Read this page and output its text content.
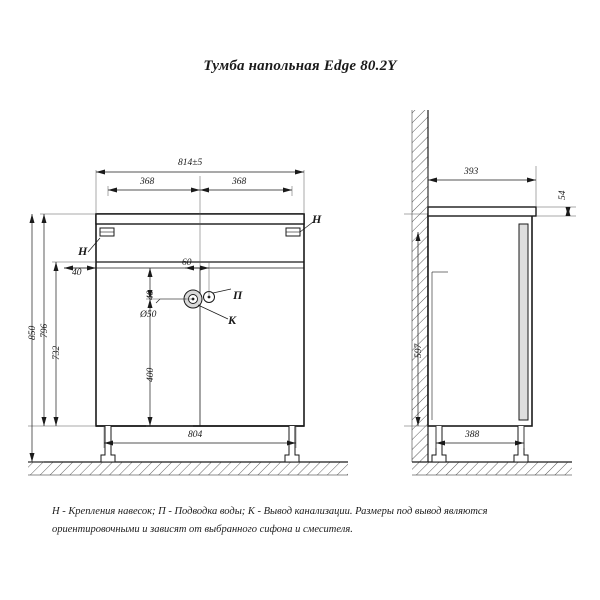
Тумба напольная Edge 80.2Y
Н - Крепления навесок; П - Подводка воды; К - Вывод канализации. Размеры под вывод являются ориентировочными и зависят от выбранного сифона и смесителя.
814±5
368	368
804
850 796
732
40
400
40
60
Ø50
Н
Н
П
К
393
54
597
388
